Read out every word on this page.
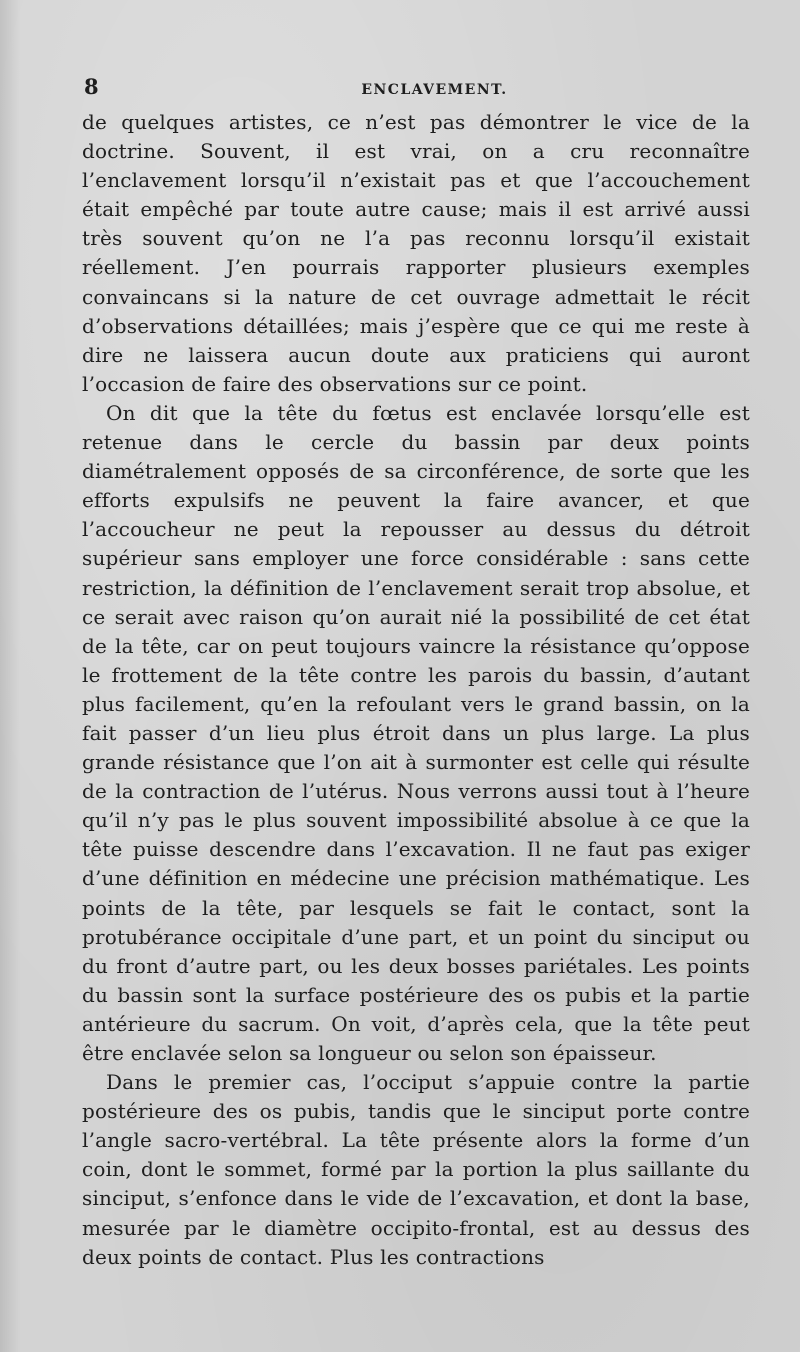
8	ENCLAVEMENT.

de quelques artistes, ce n’est pas démontrer le vice de la doctrine. Souvent, il est vrai, on a cru reconnaître l’enclavement lorsqu’il n’existait pas et que l’accouchement était empêché par toute autre cause; mais il est arrivé aussi très souvent qu’on ne l’a pas reconnu lorsqu’il existait réellement. J’en pourrais rapporter plusieurs exemples convaincans si la nature de cet ouvrage admettait le récit d’observations détaillées; mais j’espère que ce qui me reste à dire ne laissera aucun doute aux praticiens qui auront l’occasion de faire des observations sur ce point.

On dit que la tête du fœtus est enclavée lorsqu’elle est retenue dans le cercle du bassin par deux points diamétralement opposés de sa circonférence, de sorte que les efforts expulsifs ne peuvent la faire avancer, et que l’accoucheur ne peut la repousser au dessus du détroit supérieur sans employer une force considérable : sans cette restriction, la définition de l’enclavement serait trop absolue, et ce serait avec raison qu’on aurait nié la possibilité de cet état de la tête, car on peut toujours vaincre la résistance qu’oppose le frottement de la tête contre les parois du bassin, d’autant plus facilement, qu’en la refoulant vers le grand bassin, on la fait passer d’un lieu plus étroit dans un plus large. La plus grande résistance que l’on ait à surmonter est celle qui résulte de la contraction de l’utérus. Nous verrons aussi tout à l’heure qu’il n’y pas le plus souvent impossibilité absolue à ce que la tête puisse descendre dans l’excavation. Il ne faut pas exiger d’une définition en médecine une précision mathématique. Les points de la tête, par lesquels se fait le contact, sont la protubérance occipitale d’une part, et un point du sinciput ou du front d’autre part, ou les deux bosses pariétales. Les points du bassin sont la surface postérieure des os pubis et la partie antérieure du sacrum. On voit, d’après cela, que la tête peut être enclavée selon sa longueur ou selon son épaisseur.

Dans le premier cas, l’occiput s’appuie contre la partie postérieure des os pubis, tandis que le sinciput porte contre l’angle sacro-vertébral. La tête présente alors la forme d’un coin, dont le sommet, formé par la portion la plus saillante du sinciput, s’enfonce dans le vide de l’excavation, et dont la base, mesurée par le diamètre occipito-frontal, est au dessus des deux points de contact. Plus les contractions
